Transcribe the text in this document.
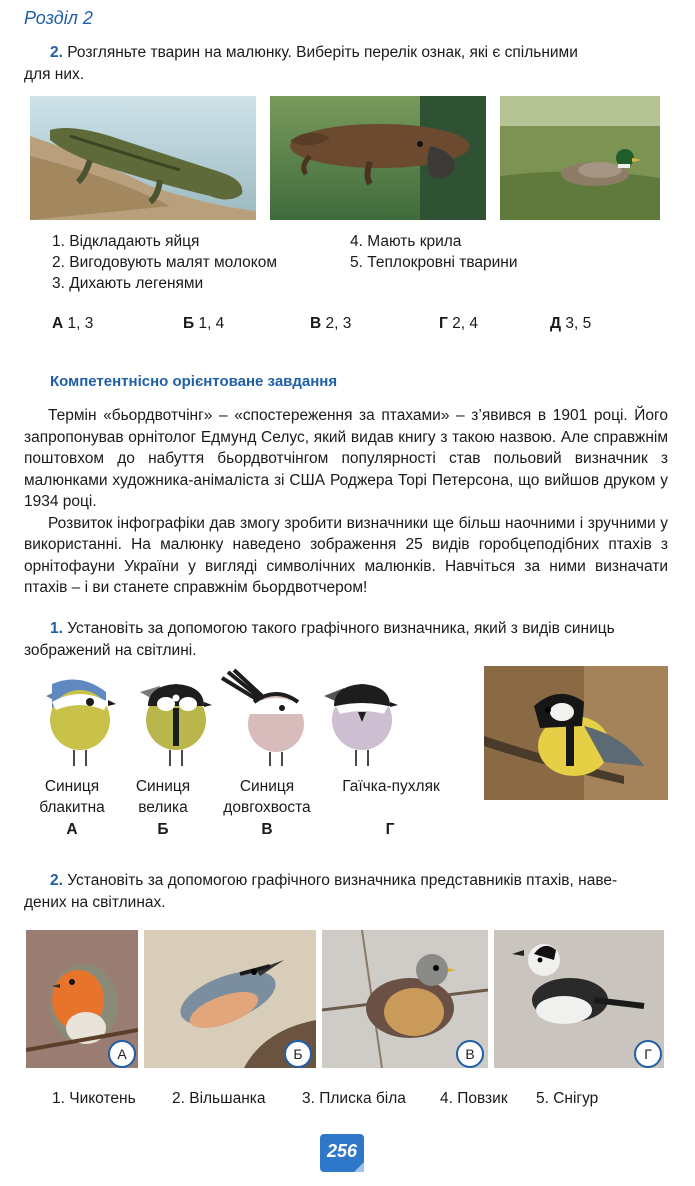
Розділ 2
2. Розгляньте тварин на малюнку. Виберіть перелік ознак, які є спільними
для них.
1. Відкладають яйця
2. Вигодовують малят молоком
3. Дихають легенями
4. Мають крила
5. Теплокровні тварини
А 1, 3	Б 1, 4	В 2, 3	Г 2, 4	Д 3, 5
Компетентнісно орієнтоване завдання

Термін «бьордвотчінг» – «спостереження за птахами» – з’явився в 1901 році. Його запропонував орнітолог Едмунд Селус, який видав книгу з такою назвою. Але справжнім поштовхом до набуття бьордвотчінгом популярності став польовий визначник з малюнками художника-анімаліста зі США Роджера Торі Петерсона, що вийшов друком у 1934 році.

Розвиток інфографіки дав змогу зробити визначники ще більш наочними і зручними у використанні. На малюнку наведено зображення 25 видів горобцеподібних птахів з орнітофауни України у вигляді символічних малюнків. Навчіться за ними визначати птахів – і ви станете справжнім бьордвотчером!

1. Установіть за допомогою такого графічного визначника, який з видів синиць
зображений на світлині.
Синиця
блакитна
Синиця
велика
Синиця
довгохвоста
Гаїчка-пухляк
А	Б	В	Г
2. Установіть за допомогою графічного визначника представників птахів, наве-
дених на світлинах.
А	Б	В	Г
1. Чикотень 2. Вільшанка 3. Плиска біла 4. Повзик 5. Снігур
256
